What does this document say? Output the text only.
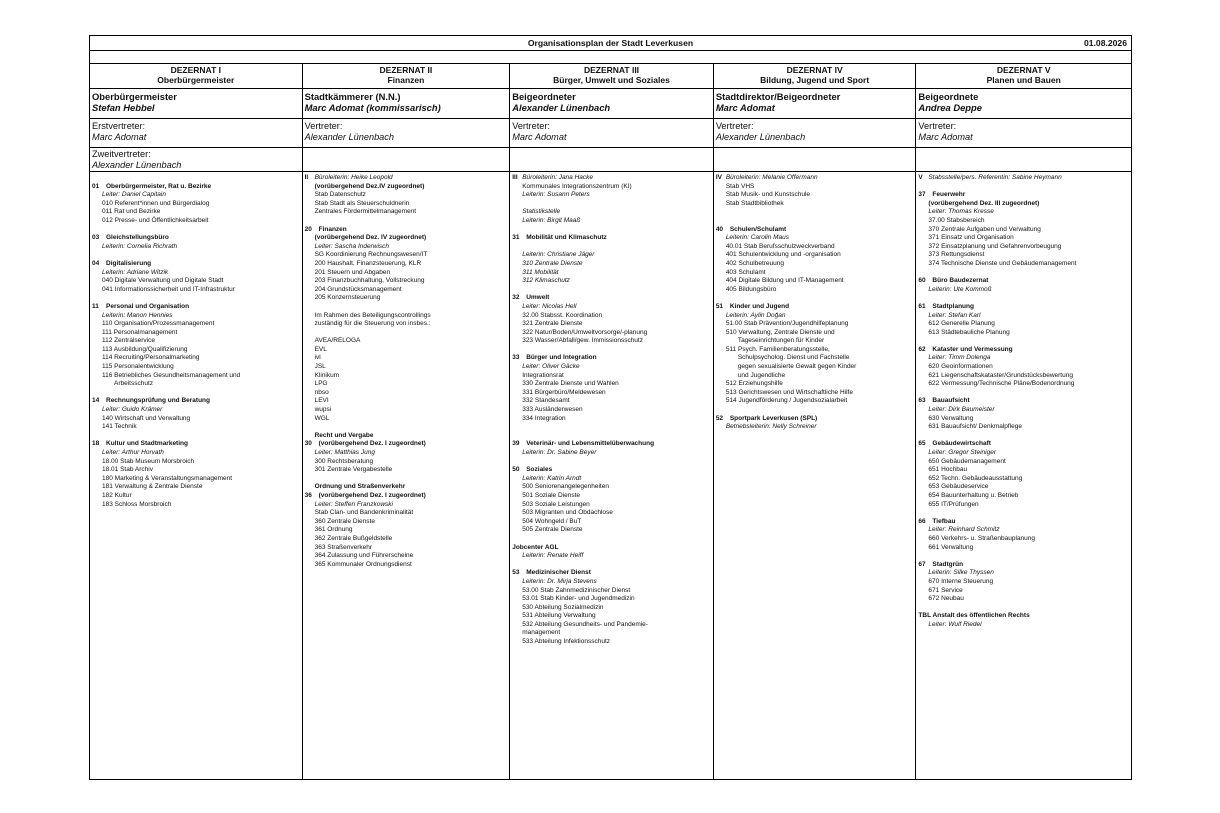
Organisationsplan der Stadt Leverkusen	01.08.2026
DEZERNAT I
Oberbürgermeister
DEZERNAT II
Finanzen
DEZERNAT III
Bürger, Umwelt und Soziales
DEZERNAT IV
Bildung, Jugend und Sport
DEZERNAT V
Planen und Bauen
Oberbürgermeister
Stefan Hebbel
Stadtkämmerer (N.N.)
Marc Adomat (kommissarisch)
Beigeordneter
Alexander Lünenbach
Stadtdirektor/Beigeordneter
Marc Adomat
Beigeordnete
Andrea Deppe
Erstvertreter:
Marc Adomat
Vertreter:
Alexander Lünenbach
Vertreter:
Marc Adomat
Vertreter:
Alexander Lünenbach
Vertreter:
Marc Adomat
Zweitvertreter:
Alexander Lünenbach
01 Oberbürgermeister, Rat u. Bezirke
Leiter: Daniel Capitain
010 Referent*innen und Bürgerdialog
011 Rat und Bezirke
012 Presse- und Öffentlichkeitsarbeit
03 Gleichstellungsbüro
Leiterin: Cornelia Richrath
04 Digitalisierung
Leiterin: Adriane Witzik
040 Digitale Verwaltung und Digitale Stadt
041 Informationssicherheit und IT-Infrastruktur
11 Personal und Organisation
Leiterin: Manon Hennies
110 Organisation/Prozessmanagement
111 Personalmanagement
112 Zentralservice
113 Ausbildung/Qualifizierung
114 Recruiting/Personalmarketing
115 Personalentwicklung
116 Betriebliches Gesundheitsmanagement und
Arbeitsschutz
14 Rechnungsprüfung und Beratung
Leiter: Guido Krämer
140 Wirtschaft und Verwaltung
141 Technik
18 Kultur und Stadtmarketing
Leiter: Arthur Horvath
18.00 Stab Museum Morsbroich
18.01 Stab Archiv
180 Marketing & Veranstaltungsmanagement
181 Verwaltung & Zentrale Dienste
182 Kultur
183 Schloss Morsbroich
II Büroleiterin: Heike Leopold
(vorübergehend Dez.IV zugeordnet)
Stab Datenschutz
Stab Stadt als Steuerschuldnerin
Zentrales Fördermittelmanagement
20 Finanzen
(vorübergehend Dez. IV zugeordnet)
Leiter: Sascha Inderwisch
SG Koordinierung Rechnungswesen/IT
200 Haushalt, Finanzsteuerung, KLR
201 Steuern und Abgaben
203 Finanzbuchhaltung, Vollstreckung
204 Grundstücksmanagement
205 Konzernsteuerung
Im Rahmen des Beteiligungscontrollings
zuständig für die Steuerung von insbes.:
AVEA/RELOGA
EVL
ivl
JSL
Klinikum
LPG
nbso
LEVI
wupsi
WGL
Recht und Vergabe
30 (vorübergehend Dez. I zugeordnet)
Leiter: Matthias Jung
300 Rechtsberatung
301 Zentrale Vergabestelle
Ordnung und Straßenverkehr
36 (vorübergehend Dez. I zugeordnet)
Leiter: Steffen Franzkowski
Stab Clan- und Bandenkriminalität
360 Zentrale Dienste
361 Ordnung
362 Zentrale Bußgeldstelle
363 Straßenverkehr
364 Zulassung und Führerscheine
365 Kommunaler Ordnungsdienst
III Büroleiterin: Jana Hacke
Kommunales Integrationszentrum (KI)
Leiterin: Susann Peters
Statistikstelle
Leiterin: Birgit Maaß
31 Mobilität und Klimaschutz
Leiterin: Christiane Jäger
310 Zentrale Dienste
311 Mobilität
312 Klimaschutz
32 Umwelt
Leiter: Nicolas Hell
32.00 Stabsst. Koordination
321 Zentrale Dienste
322 Natur/Boden/Umweltvorsorge/-planung
323 Wasser/Abfall/gew. Immissionsschutz
33 Bürger und Integration
Leiter: Oliver Gäcke
Integrationsrat
330 Zentrale Dienste und Wahlen
331 Bürgerbüro/Meldewesen
332 Standesamt
333 Ausländerwesen
334 Integration
39 Veterinär- und Lebensmittelüberwachung
Leiterin: Dr. Sabine Beyer
50 Soziales
Leiterin: Katrin Arndt
500 Seniorenangelegenheiten
501 Soziale Dienste
503 Soziale Leistungen
503 Migranten und Obdachlose
504 Wohngeld / BuT
505 Zentrale Dienste
Jobcenter AGL
Leiterin: Renate Heiff
53 Medizinischer Dienst
Leiterin: Dr. Mirja Stevens
53.00 Stab Zahnmedizinischer Dienst
53.01 Stab Kinder- und Jugendmedizin
530 Abteilung Sozialmedizin
531 Abteilung Verwaltung
532 Abteilung Gesundheits- und Pandemie-
management
533 Abteilung Infektionsschutz
IV Büroleiterin: Melanie Offermann
Stab VHS
Stab Musik- und Kunstschule
Stab Stadtbibliothek
40 Schulen/Schulamt
Leiterin: Carolin Maus
40.01 Stab Berufsschulzweckverband
401 Schulentwicklung und -organisation
402 Schulbetreuung
403 Schulamt
404 Digitale Bildung und IT-Management
405 Bildungsbüro
51 Kinder und Jugend
Leiterin: Aylin Doğan
51.00 Stab Prävention/Jugendhilfeplanung
510 Verwaltung, Zentrale Dienste und
Tageseinrichtungen für Kinder
511 Psych. Familienberatungsstelle,
Schulpsycholog. Dienst und Fachstelle
gegen sexualisierte Gewalt gegen Kinder
und Jugendliche
512 Erziehungshilfe
513 Gerichtswesen und Wirtschaftliche Hilfe
514 Jugendförderung / Jugendsozialarbeit
52 Sportpark Leverkusen (SPL)
Betriebsleiterin: Nelly Schreiner
V Stabsstelle/pers. Referentin: Sabine Heymann
37 Feuerwehr
(vorübergehend Dez. III zugeordnet)
Leiter: Thomas Kresse
37.00 Stabsbereich
370 Zentrale Aufgaben und Verwaltung
371 Einsatz und Organisation
372 Einsatzplanung und Gefahrenvorbeugung
373 Rettungsdienst
374 Technische Dienste und Gebäudemanagement
60 Büro Baudezernat
Leiterin: Ute Kommoß
61 Stadtplanung
Leiter: Stefan Karl
612 Generelle Planung
613 Städtebauliche Planung
62 Kataster und Vermessung
Leiter: Timm Dolenga
620 Geoinformationen
621 Liegenschaftskataster/Grundstücksbewertung
622 Vermessung/Technische Pläne/Bodenordnung
63 Bauaufsicht
Leiter: Dirk Baumeister
630 Verwaltung
631 Bauaufsicht/ Denkmalpflege
65 Gebäudewirtschaft
Leiter: Gregor Steiniger
650 Gebäudemanagement
651 Hochbau
652 Techn. Gebäudeausstattung
653 Gebäudeservice
654 Bauunterhaltung u. Betrieb
655 IT/Prüfungen
66 Tiefbau
Leiter: Reinhard Schmitz
660 Verkehrs- u. Straßenbauplanung
661 Verwaltung
67 Stadtgrün
Leiterin: Silke Thyssen
670 Interne Steuerung
671 Service
672 Neubau
TBL Anstalt des öffentlichen Rechts
Leiter: Wulf Riedel
